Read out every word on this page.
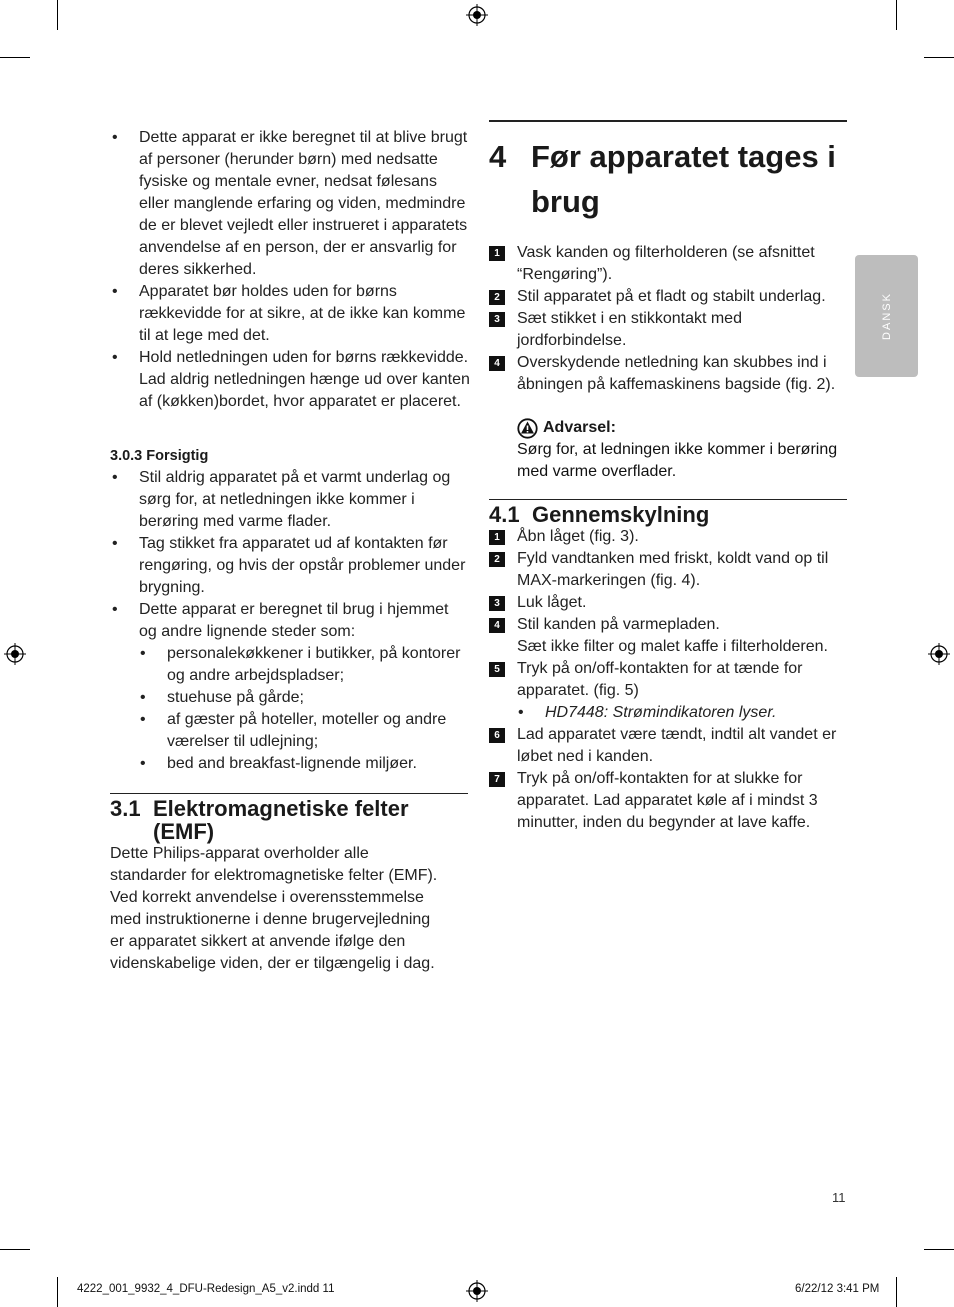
• Dette apparat er ikke beregnet til at blive brugt af personer (herunder børn) med nedsatte fysiske og mentale evner, nedsat følesans eller manglende erfaring og viden, medmindre de er blevet vejledt eller instrueret i apparatets anvendelse af en person, der er ansvarlig for deres sikkerhed.
• Apparatet bør holdes uden for børns rækkevidde for at sikre, at de ikke kan komme til at lege med det.
• Hold netledningen uden for børns rækkevidde. Lad aldrig netledningen hænge ud over kanten af (køkken)bordet, hvor apparatet er placeret.
3.0.3 Forsigtig
• Stil aldrig apparatet på et varmt underlag og sørg for, at netledningen ikke kommer i berøring med varme flader.
• Tag stikket fra apparatet ud af kontakten før rengøring, og hvis der opstår problemer under brygning.
• Dette apparat er beregnet til brug i hjemmet og andre lignende steder som:
• personalekøkkener i butikker, på kontorer og andre arbejdspladser;
• stuehuse på gårde;
• af gæster på hoteller, moteller og andre værelser til udlejning;
• bed and breakfast-lignende miljøer.
3.1 Elektromagnetiske felter
(EMF)
Dette Philips-apparat overholder alle standarder for elektromagnetiske felter (EMF). Ved korrekt anvendelse i overensstemmelse med instruktionerne i denne brugervejledning er apparatet sikkert at anvende ifølge den videnskabelige viden, der er tilgængelig i dag.
4 Før apparatet tages i brug
1	Vask kanden og filterholderen (se afsnittet “Rengøring”).
2	Stil apparatet på et fladt og stabilt underlag.
3	Sæt stikket i en stikkontakt med jordforbindelse.
4	Overskydende netledning kan skubbes ind i åbningen på kaffemaskinens bagside (fig. 2).
Advarsel:
Sørg for, at ledningen ikke kommer i berøring med varme overflader.
4.1 Gennemskylning
1	Åbn låget (fig. 3).
2	Fyld vandtanken med friskt, koldt vand op til MAX-markeringen (fig. 4).
3	Luk låget.
4	Stil kanden på varmepladen.
Sæt ikke filter og malet kaffe i filterholderen.
5	Tryk på on/off-kontakten for at tænde for apparatet. (fig. 5)
• HD7448: Strømindikatoren lyser.
6	Lad apparatet være tændt, indtil alt vandet er løbet ned i kanden.
7	Tryk på on/off-kontakten for at slukke for apparatet. Lad apparatet køle af i mindst 3 minutter, inden du begynder at lave kaffe.
DANSK
11
4222_001_9932_4_DFU-Redesign_A5_v2.indd 11	6/22/12 3:41 PM
